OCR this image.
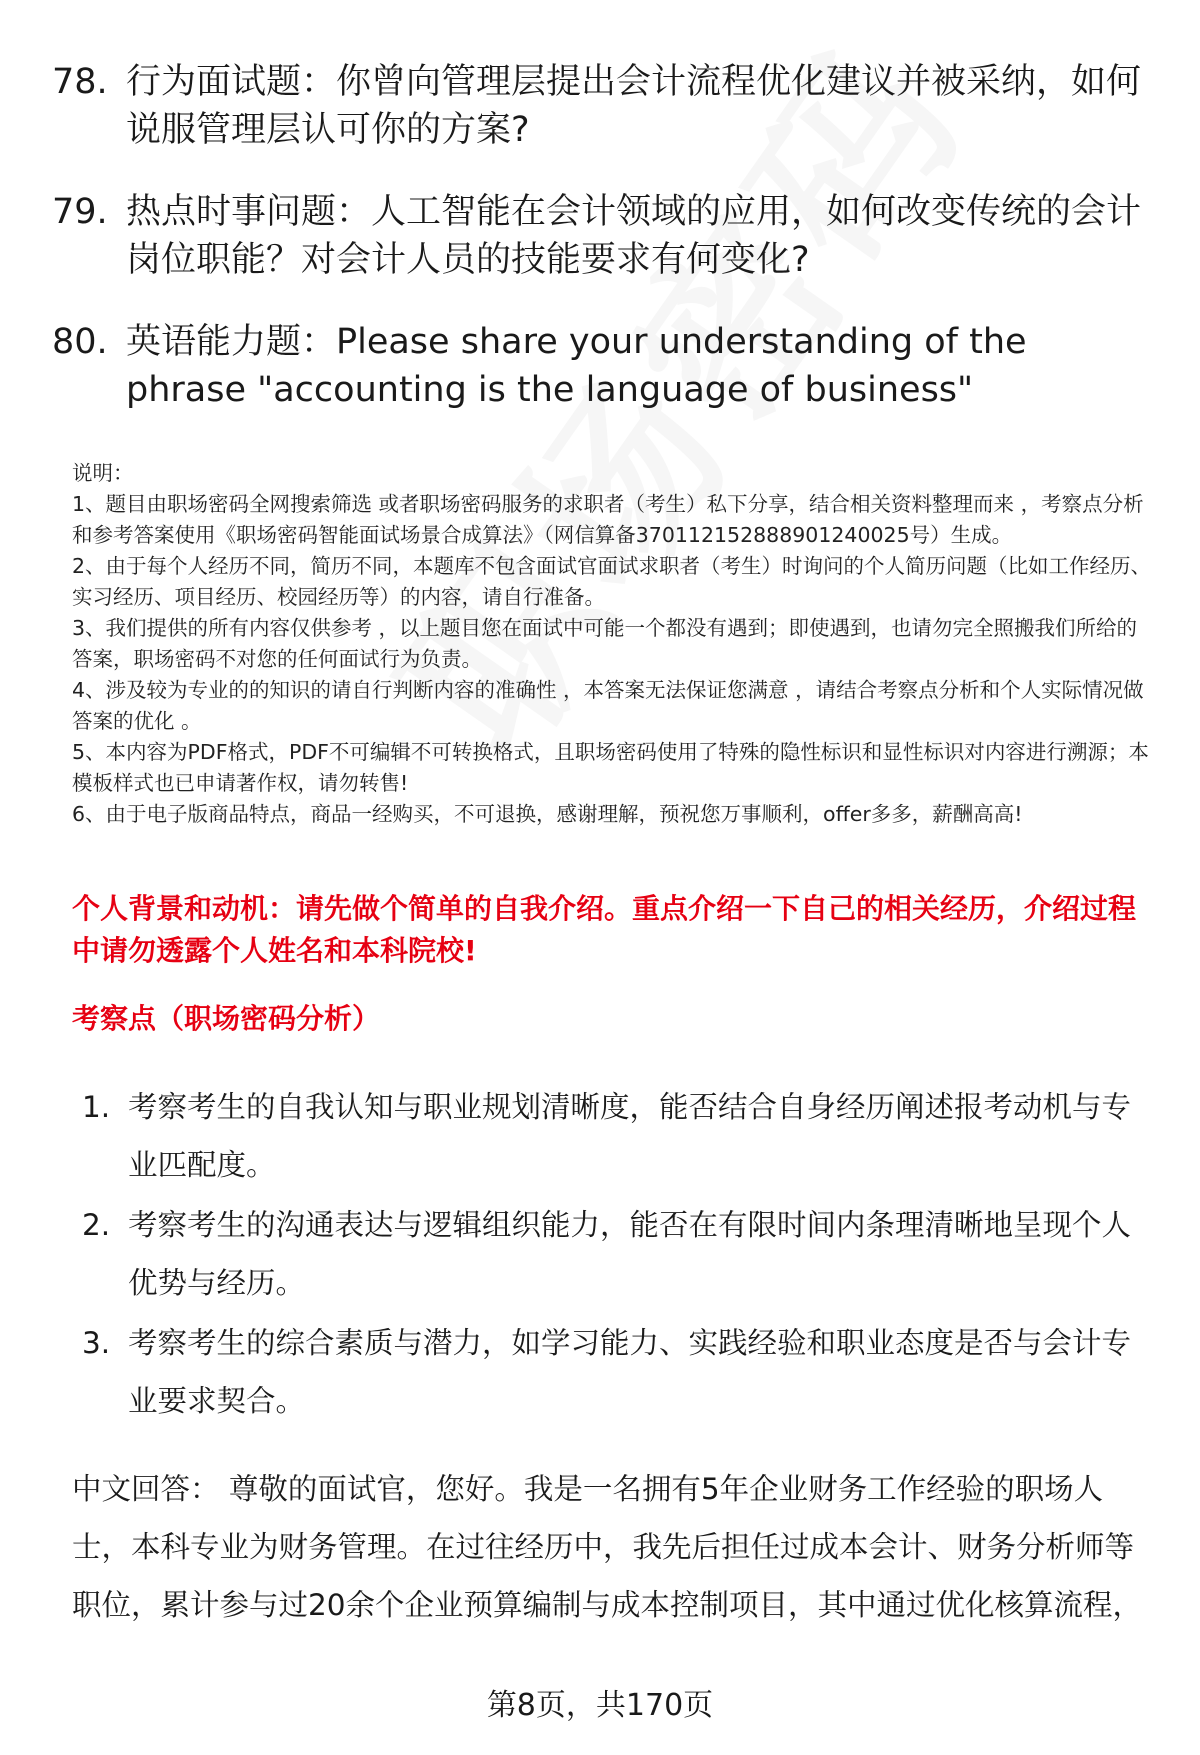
78. 行为面试题：你曾向管理层提出会计流程优化建议并被采纳，如何说服管理层认可你的方案?
79. 热点时事问题：人工智能在会计领域的应用，如何改变传统的会计岗位职能？对会计人员的技能要求有何变化?
80. 英语能力题：Please share your understanding of the phrase "accounting is the language of business"

说明：

1、题目由职场密码全网搜索筛选 或者职场密码服务的求职者（考生）私下分享，结合相关资料整理而来 ，考察点分析和参考答案使用《职场密码智能面试场景合成算法》（网信算备370112152888901240025号）生成。

2、由于每个人经历不同，简历不同，本题库不包含面试官面试求职者（考生）时询问的个人简历问题（比如工作经历、实习经历、项目经历、校园经历等）的内容，请自行准备。

3、我们提供的所有内容仅供参考 ，以上题目您在面试中可能一个都没有遇到；即使遇到，也请勿完全照搬我们所给的答案，职场密码不对您的任何面试行为负责。

4、涉及较为专业的的知识的请自行判断内容的准确性 ，本答案无法保证您满意 ，请结合考察点分析和个人实际情况做答案的优化 。

5、本内容为PDF格式，PDF不可编辑不可转换格式，且职场密码使用了特殊的隐性标识和显性标识对内容进行溯源；本模板样式也已申请著作权，请勿转售!

6、由于电子版商品特点，商品一经购买，不可退换，感谢理解，预祝您万事顺利，offer多多，薪酬高高!

个人背景和动机：请先做个简单的自我介绍。重点介绍一下自己的相关经历，介绍过程中请勿透露个人姓名和本科院校!
考察点（职场密码分析）
1. 考察考生的自我认知与职业规划清晰度，能否结合自身经历阐述报考动机与专业匹配度。
2. 考察考生的沟通表达与逻辑组织能力，能否在有限时间内条理清晰地呈现个人优势与经历。
3. 考察考生的综合素质与潜力，如学习能力、实践经验和职业态度是否与会计专业要求契合。
中文回答： 尊敬的面试官，您好。我是一名拥有5年企业财务工作经验的职场人士，本科专业为财务管理。在过往经历中，我先后担任过成本会计、财务分析师等职位，累计参与过20余个企业预算编制与成本控制项目，其中通过优化核算流程，
第8页，共170页
